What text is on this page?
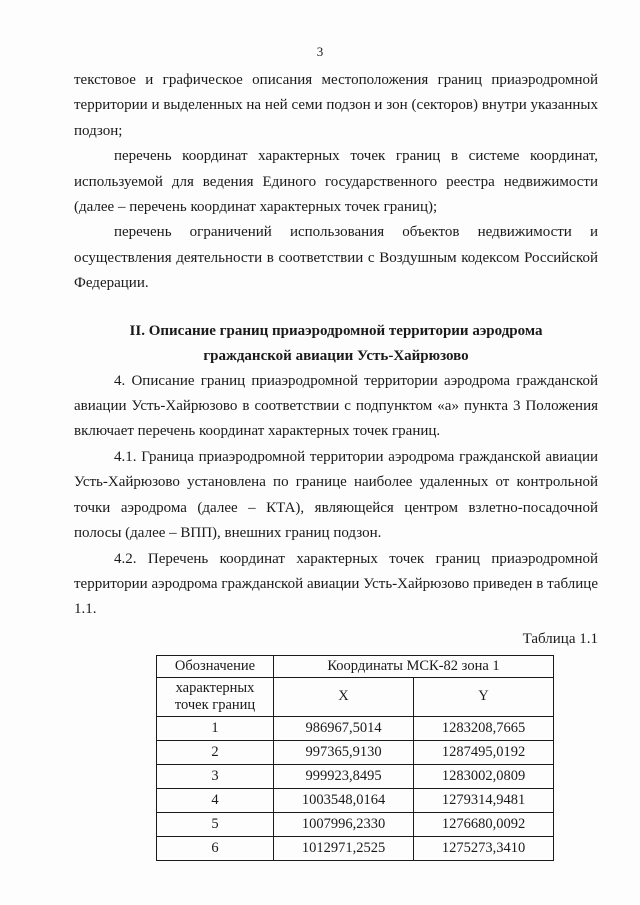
3

текстовое и графическое описания местоположения границ приаэродромной территории и выделенных на ней семи подзон и зон (секторов) внутри указанных подзон;

перечень координат характерных точек границ в системе координат, используемой для ведения Единого государственного реестра недвижимости (далее – перечень координат характерных точек границ);

перечень ограничений использования объектов недвижимости и осуществления деятельности в соответствии с Воздушным кодексом Российской Федерации.

II. Описание границ приаэродромной территории аэродрома
гражданской авиации Усть-Хайрюзово

4. Описание границ приаэродромной территории аэродрома гражданской авиации Усть-Хайрюзово в соответствии с подпунктом «а» пункта 3 Положения включает перечень координат характерных точек границ.

4.1. Граница приаэродромной территории аэродрома гражданской авиации Усть-Хайрюзово установлена по границе наиболее удаленных от контрольной точки аэродрома (далее – КТА), являющейся центром взлетно-посадочной полосы (далее – ВПП), внешних границ подзон.

4.2. Перечень координат характерных точек границ приаэродромной территории аэродрома гражданской авиации Усть-Хайрюзово приведен в таблице 1.1.

Таблица 1.1
Обозначение	Координаты МСК-82 зона 1	
характерных точек границ	X	Y
1	986967,5014	1283208,7665
2	997365,9130	1287495,0192
3	999923,8495	1283002,0809
4	1003548,0164	1279314,9481
5	1007996,2330	1276680,0092
6	1012971,2525	1275273,3410
